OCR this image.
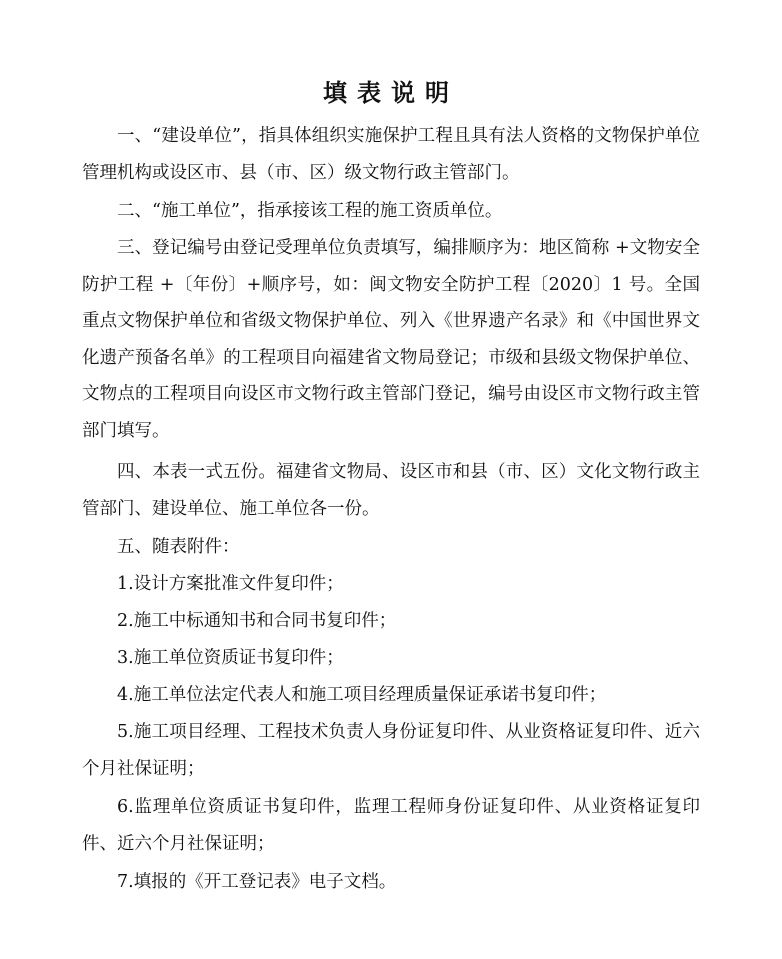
填表说明
一、“建设单位”，指具体组织实施保护工程且具有法人资格的文物保护单位管理机构或设区市、县（市、区）级文物行政主管部门。
二、“施工单位”，指承接该工程的施工资质单位。
三、登记编号由登记受理单位负责填写，编排顺序为：地区简称 +文物安全防护工程 +〔年份〕+顺序号，如：闽文物安全防护工程〔2020〕1 号。全国重点文物保护单位和省级文物保护单位、列入《世界遗产名录》和《中国世界文化遗产预备名单》的工程项目向福建省文物局登记；市级和县级文物保护单位、文物点的工程项目向设区市文物行政主管部门登记，编号由设区市文物行政主管部门填写。
四、本表一式五份。福建省文物局、设区市和县（市、区）文化文物行政主管部门、建设单位、施工单位各一份。
五、随表附件：
1.设计方案批准文件复印件；
2.施工中标通知书和合同书复印件；
3.施工单位资质证书复印件；
4.施工单位法定代表人和施工项目经理质量保证承诺书复印件；
5.施工项目经理、工程技术负责人身份证复印件、从业资格证复印件、近六个月社保证明；
6.监理单位资质证书复印件，监理工程师身份证复印件、从业资格证复印件、近六个月社保证明；
7.填报的《开工登记表》电子文档。
